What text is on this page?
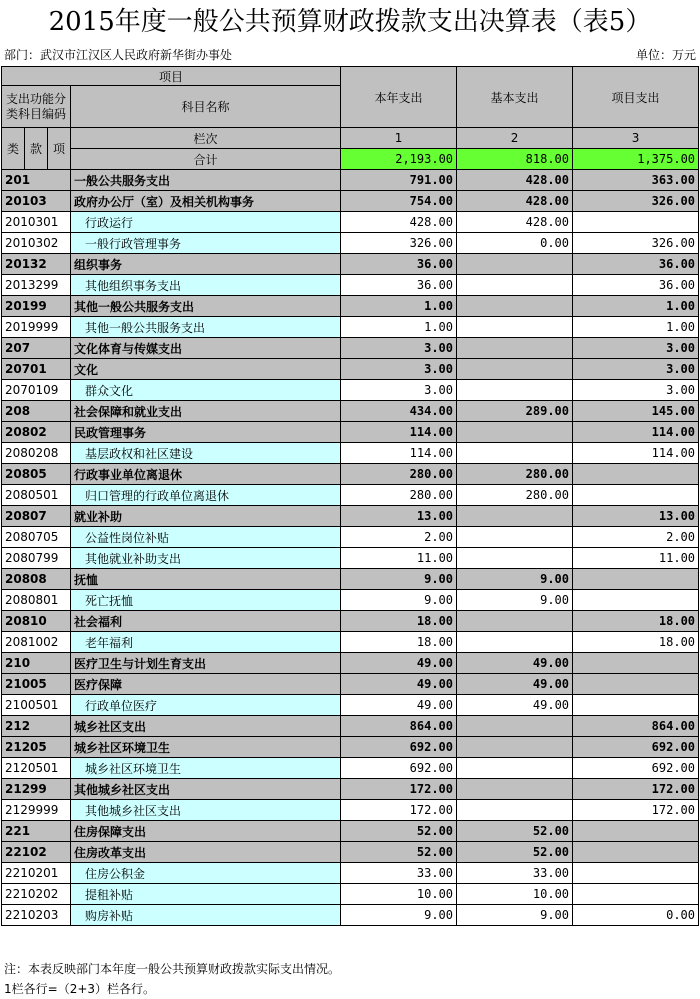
2015年度一般公共预算财政拨款支出决算表（表5）
部门：武汉市江汉区人民政府新华街办事处	单位：万元
项目				本年支出	基本支出	项目支出
支出功能分类科目编码			科目名称			

类	款	项	栏次	1	2	3
			合计	2,193.00	818.00	1,375.00
201			一般公共服务支出	791.00	428.00	363.00
20103			政府办公厅（室）及相关机构事务	754.00	428.00	326.00
2010301			行政运行	428.00	428.00	
2010302			一般行政管理事务	326.00	0.00	326.00
20132			组织事务	36.00		36.00
2013299			其他组织事务支出	36.00		36.00
20199			其他一般公共服务支出	1.00		1.00
2019999			其他一般公共服务支出	1.00		1.00
207			文化体育与传媒支出	3.00		3.00
20701			文化	3.00		3.00
2070109			群众文化	3.00		3.00
208			社会保障和就业支出	434.00	289.00	145.00
20802			民政管理事务	114.00		114.00
2080208			基层政权和社区建设	114.00		114.00
20805			行政事业单位离退休	280.00	280.00	
2080501			归口管理的行政单位离退休	280.00	280.00	
20807			就业补助	13.00		13.00
2080705			公益性岗位补贴	2.00		2.00
2080799			其他就业补助支出	11.00		11.00
20808			抚恤	9.00	9.00	
2080801			死亡抚恤	9.00	9.00	
20810			社会福利	18.00		18.00
2081002			老年福利	18.00		18.00
210			医疗卫生与计划生育支出	49.00	49.00	
21005			医疗保障	49.00	49.00	
2100501			行政单位医疗	49.00	49.00	
212			城乡社区支出	864.00		864.00
21205			城乡社区环境卫生	692.00		692.00
2120501			城乡社区环境卫生	692.00		692.00
21299			其他城乡社区支出	172.00		172.00
2129999			其他城乡社区支出	172.00		172.00
221			住房保障支出	52.00	52.00	
22102			住房改革支出	52.00	52.00	
2210201			住房公积金	33.00	33.00	
2210202			提租补贴	10.00	10.00	
2210203			购房补贴	9.00	9.00	0.00
注：本表反映部门本年度一般公共预算财政拨款实际支出情况。
1栏各行=（2+3）栏各行。
